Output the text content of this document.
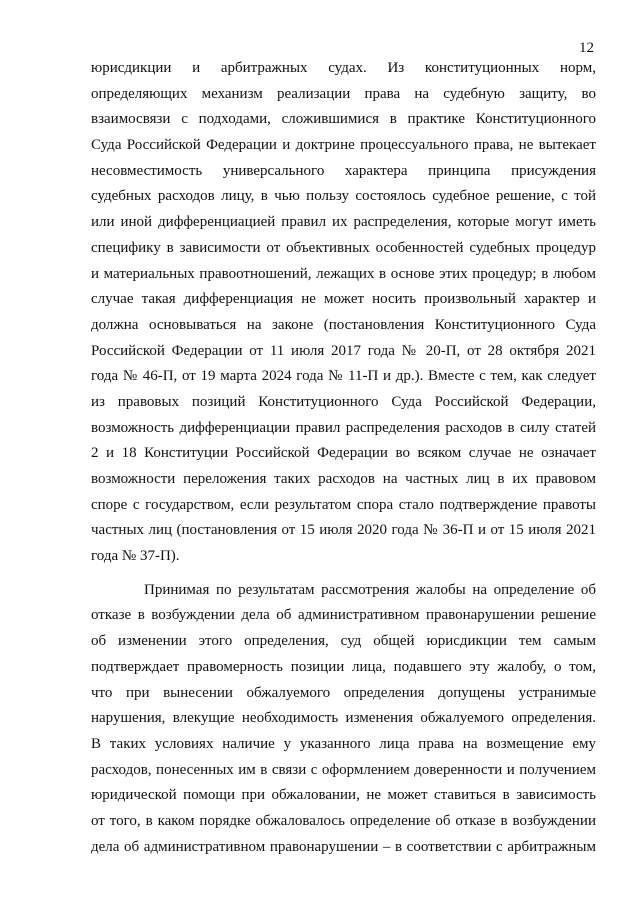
12
юрисдикции и арбитражных судах. Из конституционных норм,
определяющих механизм реализации права на судебную защиту, во
взаимосвязи с подходами, сложившимися в практике Конституционного
Суда Российской Федерации и доктрине процессуального права, не вытекает
несовместимость универсального характера принципа присуждения
судебных расходов лицу, в чью пользу состоялось судебное решение, с той
или иной дифференциацией правил их распределения, которые могут иметь
специфику в зависимости от объективных особенностей судебных процедур
и материальных правоотношений, лежащих в основе этих процедур; в любом
случае такая дифференциация не может носить произвольный характер и
должна основываться на законе (постановления Конституционного Суда
Российской Федерации от 11 июля 2017 года № 20-П, от 28 октября 2021
года № 46-П, от 19 марта 2024 года № 11-П и др.). Вместе с тем, как следует
из правовых позиций Конституционного Суда Российской Федерации,
возможность дифференциации правил распределения расходов в силу статей
2 и 18 Конституции Российской Федерации во всяком случае не означает
возможности переложения таких расходов на частных лиц в их правовом
споре с государством, если результатом спора стало подтверждение правоты
частных лиц (постановления от 15 июля 2020 года № 36-П и от 15 июля 2021
года № 37-П).
Принимая по результатам рассмотрения жалобы на определение об
отказе в возбуждении дела об административном правонарушении решение
об изменении этого определения, суд общей юрисдикции тем самым
подтверждает правомерность позиции лица, подавшего эту жалобу, о том,
что при вынесении обжалуемого определения допущены устранимые
нарушения, влекущие необходимость изменения обжалуемого определения.
В таких условиях наличие у указанного лица права на возмещение ему
расходов, понесенных им в связи с оформлением доверенности и получением
юридической помощи при обжаловании, не может ставиться в зависимость
от того, в каком порядке обжаловалось определение об отказе в возбуждении
дела об административном правонарушении – в соответствии с арбитражным
